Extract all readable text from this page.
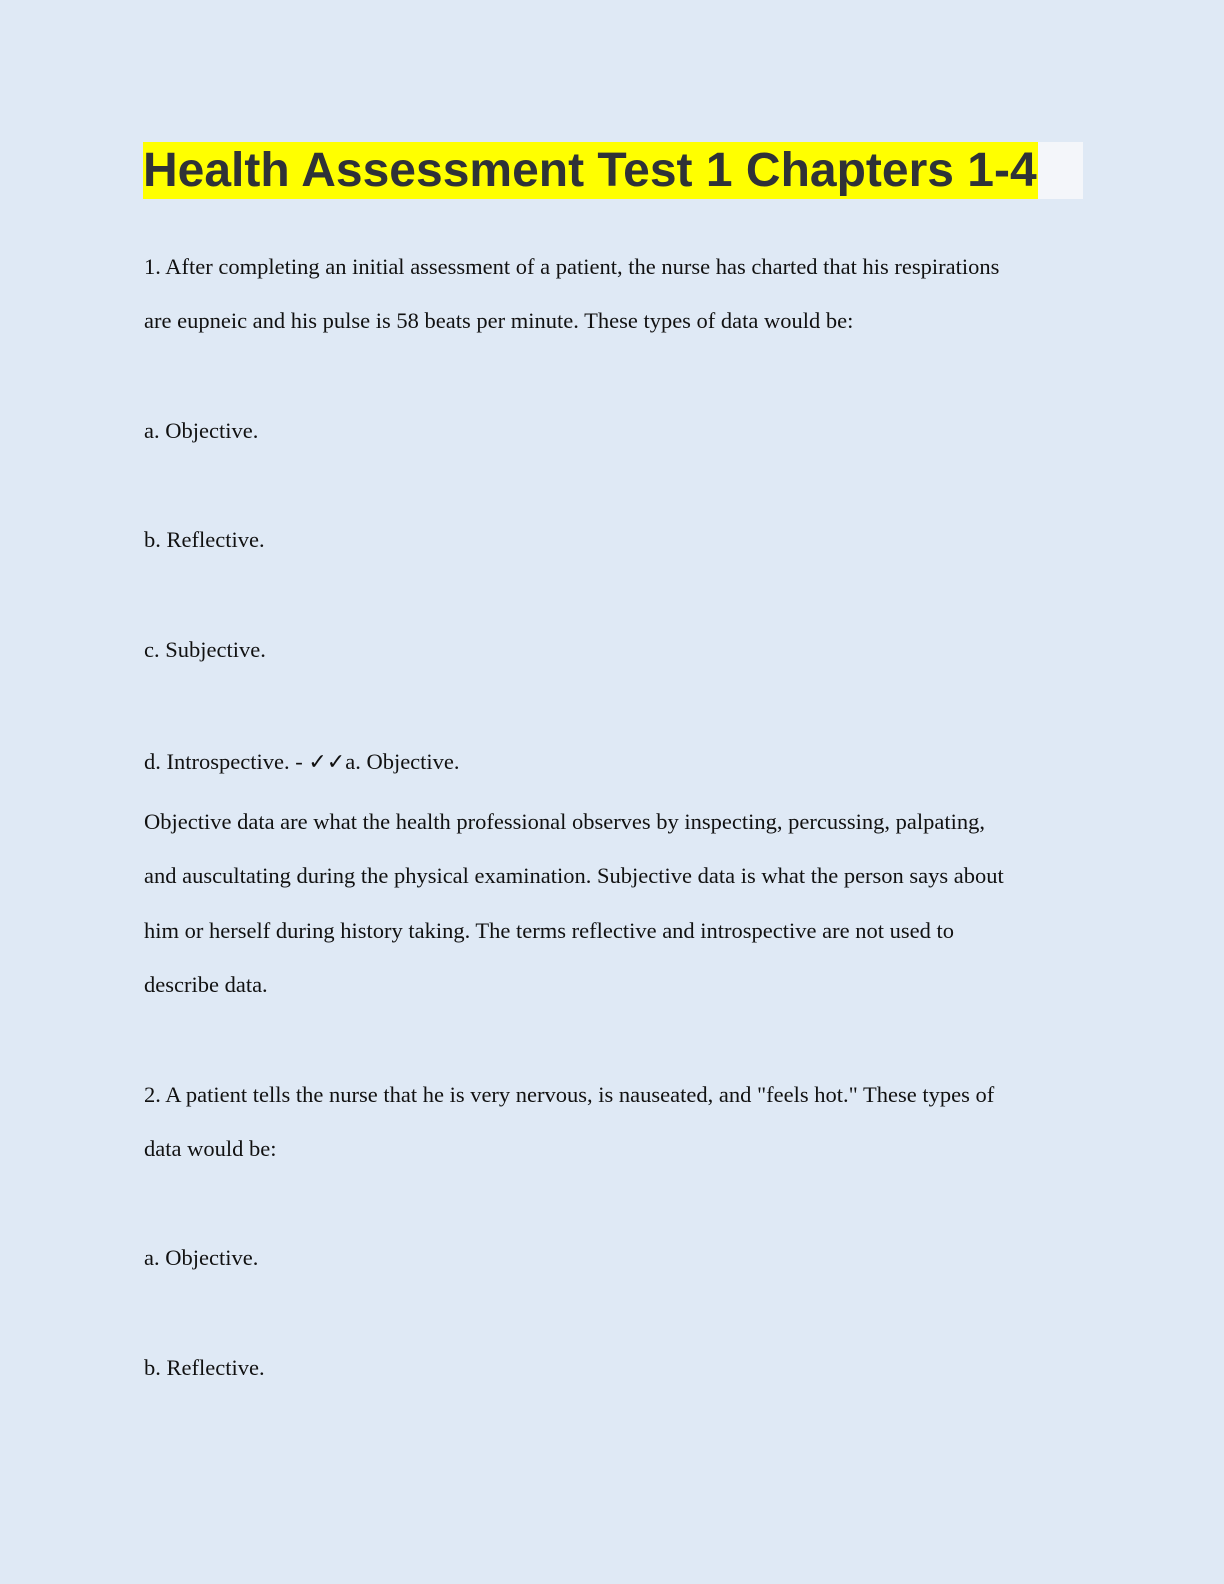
Health Assessment Test 1 Chapters 1-4
1. After completing an initial assessment of a patient, the nurse has charted that his respirations
are eupneic and his pulse is 58 beats per minute. These types of data would be:
a. Objective.
b. Reflective.
c. Subjective.
d. Introspective. - ✓✓a. Objective.
Objective data are what the health professional observes by inspecting, percussing, palpating,
and auscultating during the physical examination. Subjective data is what the person says about
him or herself during history taking. The terms reflective and introspective are not used to
describe data.
2. A patient tells the nurse that he is very nervous, is nauseated, and "feels hot." These types of
data would be:
a. Objective.
b. Reflective.
